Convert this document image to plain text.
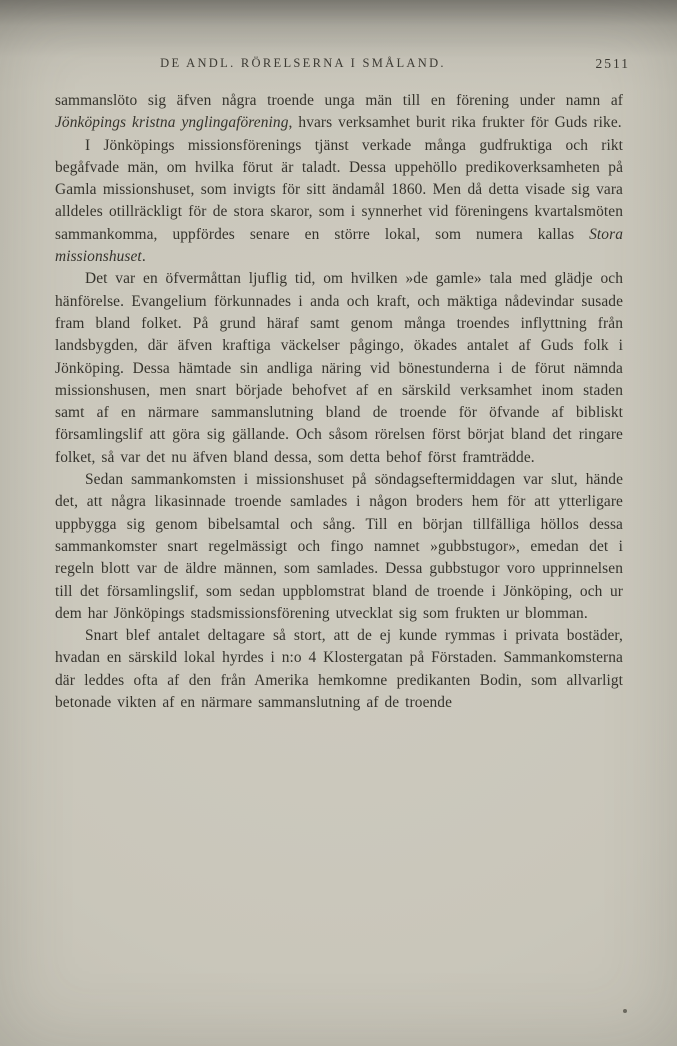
DE ANDL. RÖRELSERNA I SMÅLAND.	2511

sammanslöto sig äfven några troende unga män till en förening under namn af Jönköpings kristna ynglingaförening, hvars verksamhet burit rika frukter för Guds rike.

I Jönköpings missionsförenings tjänst verkade många gudfruktiga och rikt begåfvade män, om hvilka förut är taladt. Dessa uppehöllo predikoverksamheten på Gamla missionshuset, som invigts för sitt ändamål 1860. Men då detta visade sig vara alldeles otillräckligt för de stora skaror, som i synnerhet vid föreningens kvartalsmöten sammankomma, uppfördes senare en större lokal, som numera kallas Stora missionshuset.

Det var en öfvermåttan ljuflig tid, om hvilken »de gamle» tala med glädje och hänförelse. Evangelium förkunnades i anda och kraft, och mäktiga nådevindar susade fram bland folket. På grund häraf samt genom många troendes inflyttning från landsbygden, där äfven kraftiga väckelser pågingo, ökades antalet af Guds folk i Jönköping. Dessa hämtade sin andliga näring vid bönestunderna i de förut nämnda missionshusen, men snart började behofvet af en särskild verksamhet inom staden samt af en närmare sammanslutning bland de troende för öfvande af bibliskt församlingslif att göra sig gällande. Och såsom rörelsen först börjat bland det ringare folket, så var det nu äfven bland dessa, som detta behof först framträdde.

Sedan sammankomsten i missionshuset på söndagseftermiddagen var slut, hände det, att några likasinnade troende samlades i någon broders hem för att ytterligare uppbygga sig genom bibelsamtal och sång. Till en början tillfälliga höllos dessa sammankomster snart regelmässigt och fingo namnet »gubbstugor», emedan det i regeln blott var de äldre männen, som samlades. Dessa gubbstugor voro upprinnelsen till det församlingslif, som sedan uppblomstrat bland de troende i Jönköping, och ur dem har Jönköpings stadsmissionsförening utvecklat sig som frukten ur blomman.

Snart blef antalet deltagare så stort, att de ej kunde rymmas i privata bostäder, hvadan en särskild lokal hyrdes i n:o 4 Klostergatan på Förstaden. Sammankomsterna där leddes ofta af den från Amerika hemkomne predikanten Bodin, som allvarligt betonade vikten af en närmare sammanslutning af de troende
